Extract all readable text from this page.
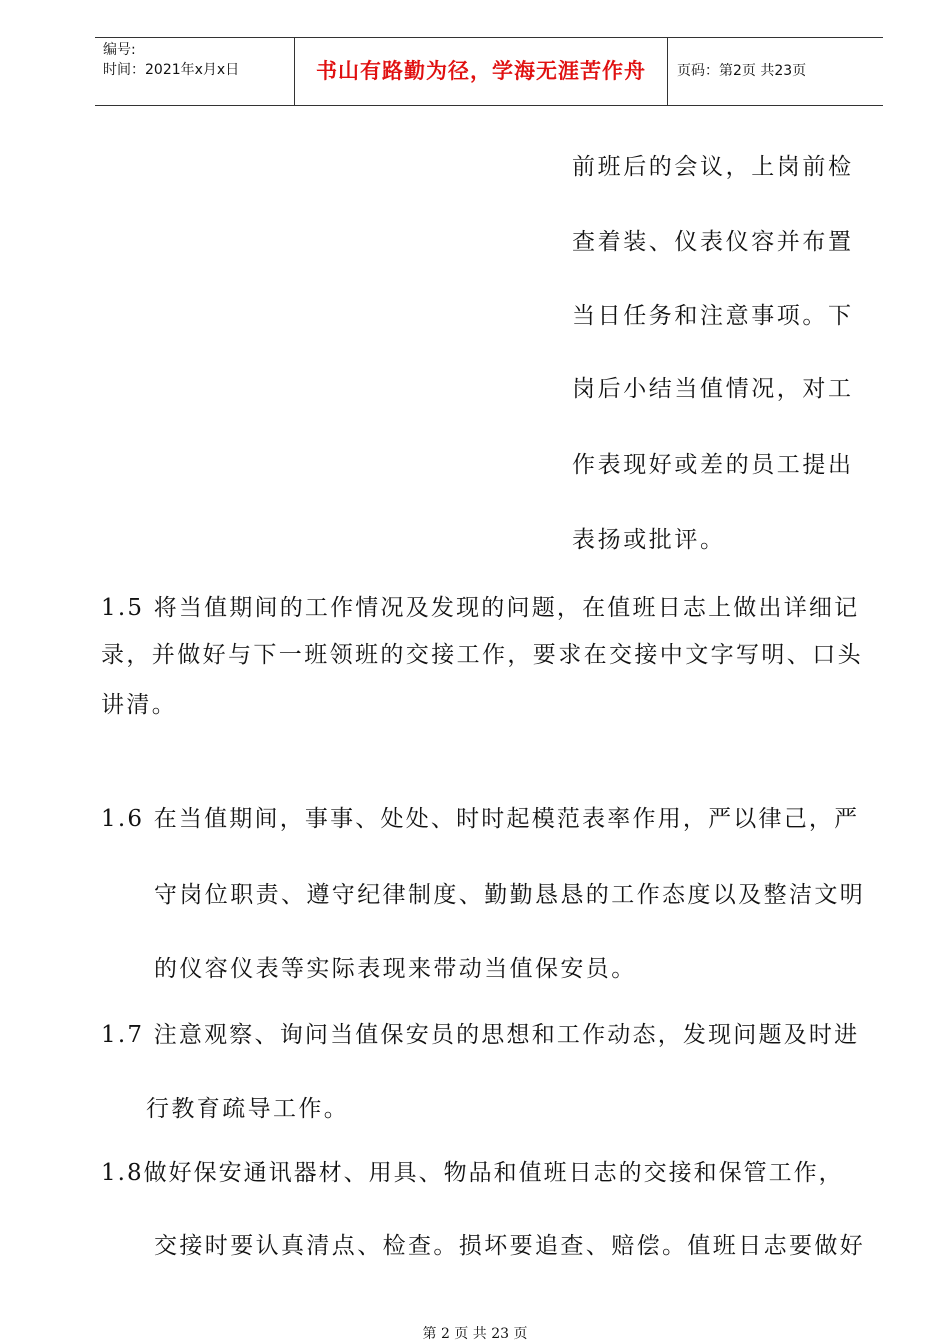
编号:
时间：2021年x月x日	书山有路勤为径，学海无涯苦作舟	页码：第2页 共23页
前班后的会议，上岗前检
查着装、仪表仪容并布置
当日任务和注意事项。下
岗后小结当值情况，对工
作表现好或差的员工提出
表扬或批评。
1.5 将当值期间的工作情况及发现的问题，在值班日志上做出详细记
录，并做好与下一班领班的交接工作，要求在交接中文字写明、口头
讲清。
1.6 在当值期间，事事、处处、时时起模范表率作用，严以律己，严
守岗位职责、遵守纪律制度、勤勤恳恳的工作态度以及整洁文明
的仪容仪表等实际表现来带动当值保安员。
1.7 注意观察、询问当值保安员的思想和工作动态，发现问题及时进
行教育疏导工作。
1.8做好保安通讯器材、用具、物品和值班日志的交接和保管工作，
交接时要认真清点、检查。损坏要追查、赔偿。值班日志要做好
第 2 页 共 23 页
